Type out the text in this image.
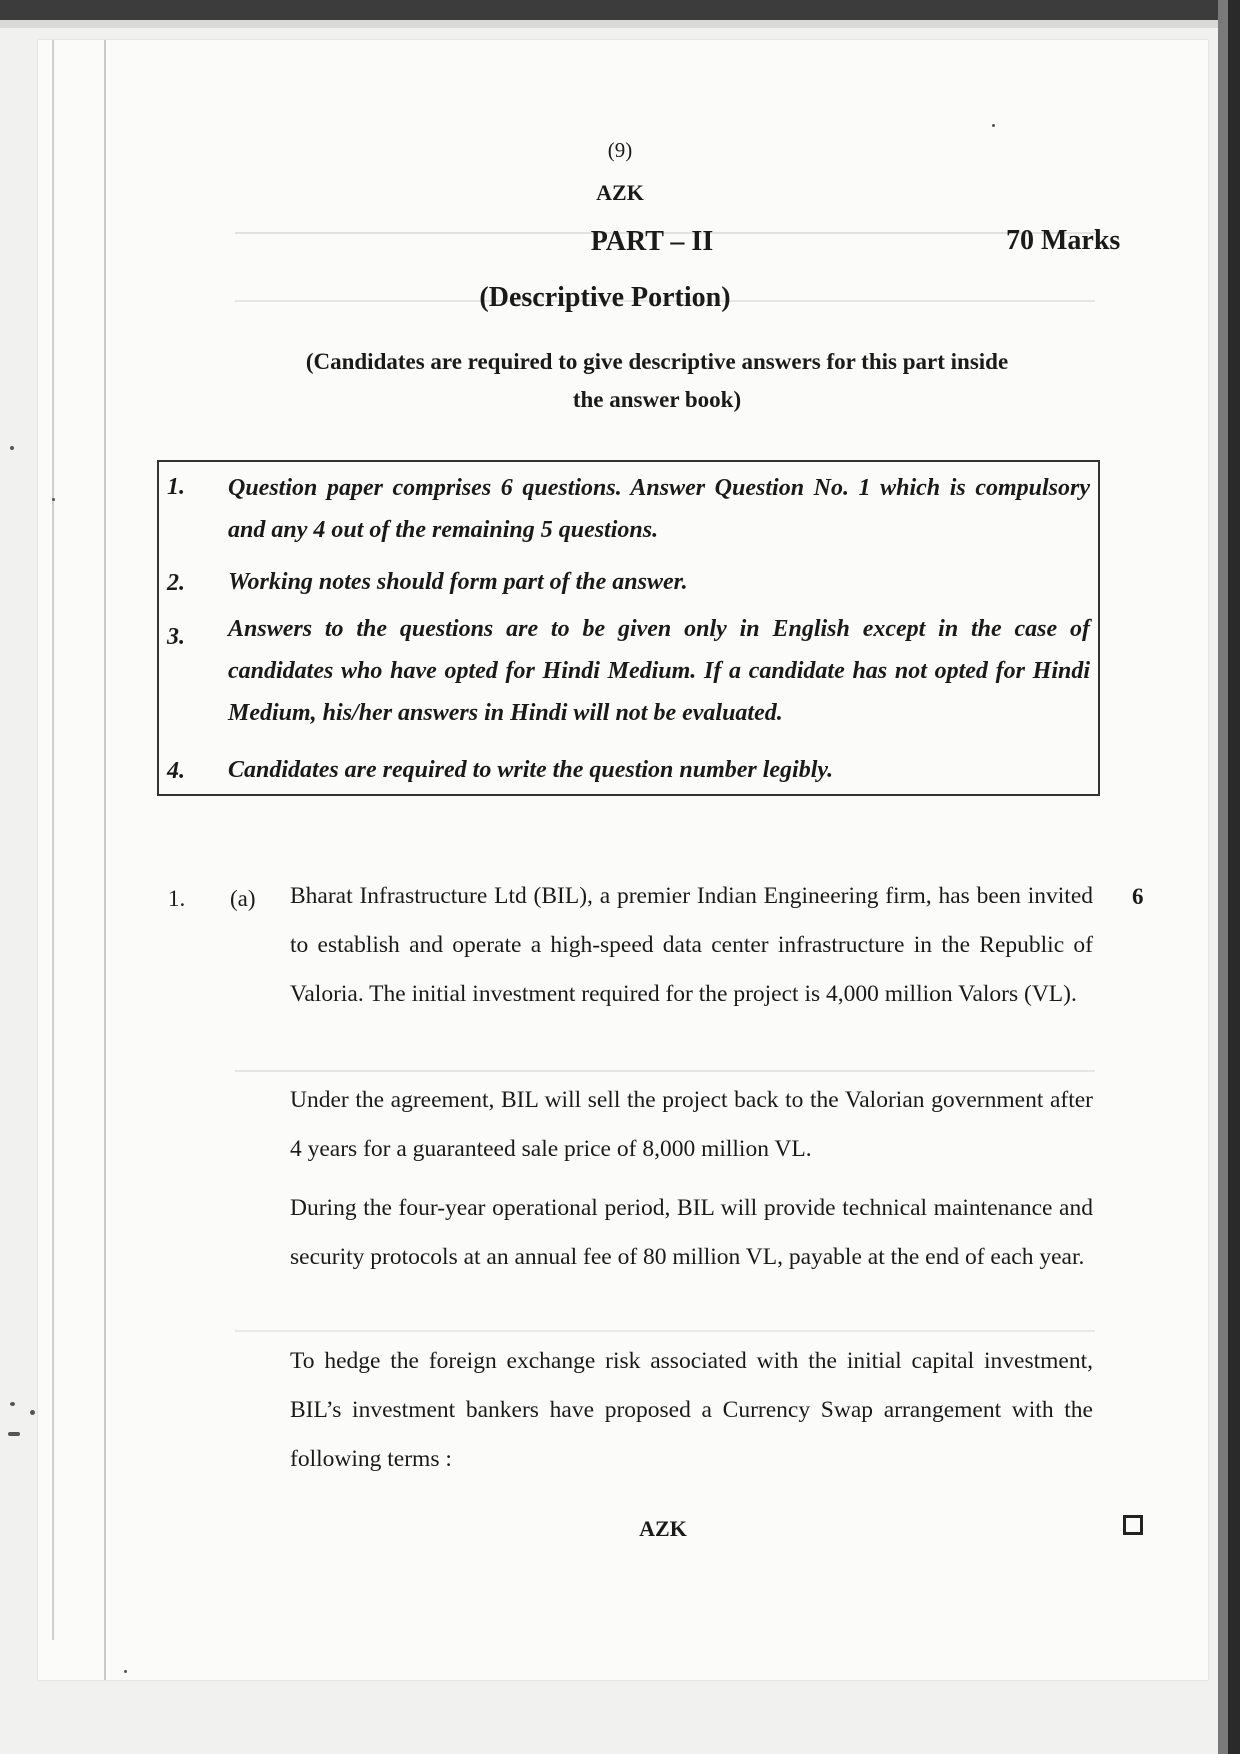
(9)
AZK
PART – II	70 Marks
(Descriptive Portion)
(Candidates are required to give descriptive answers for this part inside
the answer book)
1. Question paper comprises 6 questions. Answer Question No. 1 which is compulsory and any 4 out of the remaining 5 questions.
2. Working notes should form part of the answer.
3. Answers to the questions are to be given only in English except in the case of candidates who have opted for Hindi Medium. If a candidate has not opted for Hindi Medium, his/her answers in Hindi will not be evaluated.
4. Candidates are required to write the question number legibly.
1. (a)	6
Bharat Infrastructure Ltd (BIL), a premier Indian Engineering firm, has been invited to establish and operate a high-speed data center infrastructure in the Republic of Valoria. The initial investment required for the project is 4,000 million Valors (VL).
Under the agreement, BIL will sell the project back to the Valorian government after 4 years for a guaranteed sale price of 8,000 million VL.
During the four-year operational period, BIL will provide technical maintenance and security protocols at an annual fee of 80 million VL, payable at the end of each year.
To hedge the foreign exchange risk associated with the initial capital investment, BIL’s investment bankers have proposed a Currency Swap arrangement with the following terms :
AZK
